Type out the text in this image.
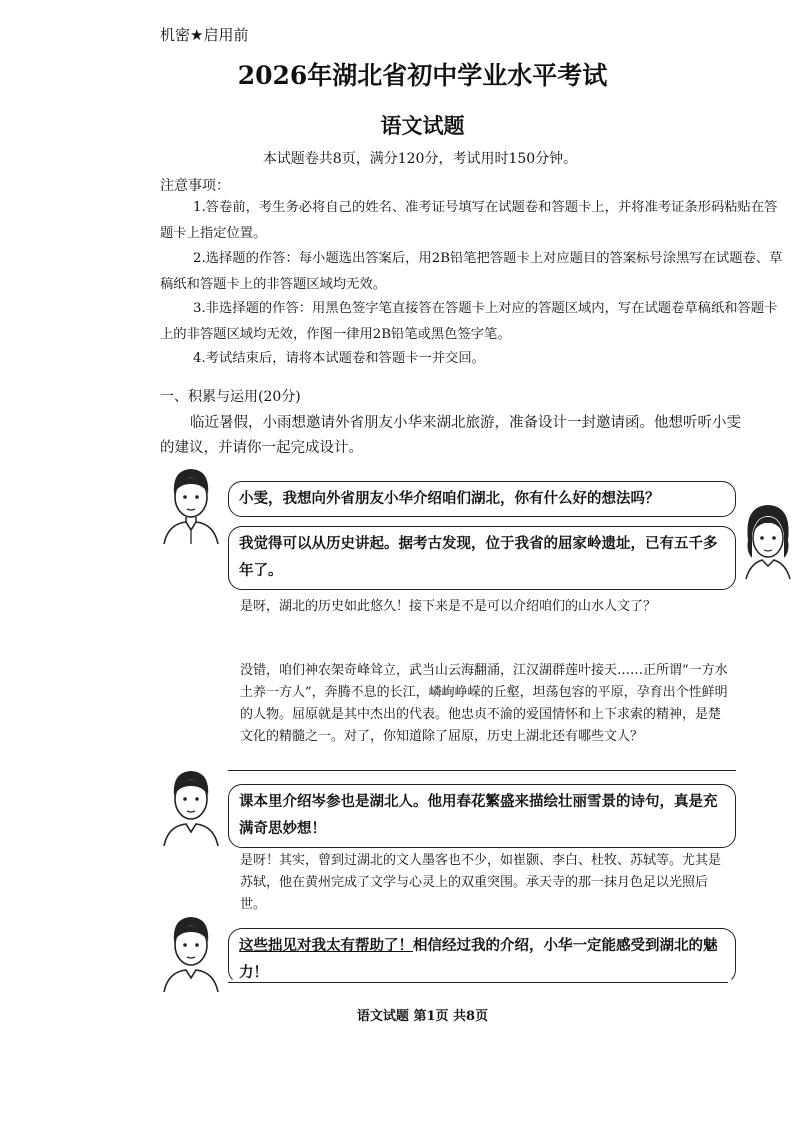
机密★启用前
2026年湖北省初中学业水平考试
语文试题
本试题卷共8页，满分120分，考试用时150分钟。
注意事项：
1.答卷前，考生务必将自己的姓名、准考证号填写在试题卷和答题卡上，并将准考证条形码粘贴在答题卡上指定位置。
2.选择题的作答：每小题选出答案后，用2B铅笔把答题卡上对应题目的答案标号涂黑写在试题卷、草稿纸和答题卡上的非答题区域均无效。
3.非选择题的作答：用黑色签字笔直接答在答题卡上对应的答题区域内，写在试题卷草稿纸和答题卡上的非答题区域均无效，作图一律用2B铅笔或黑色签字笔。
4.考试结束后，请将本试题卷和答题卡一并交回。
一、积累与运用(20分)
临近暑假，小雨想邀请外省朋友小华来湖北旅游，准备设计一封邀请函。他想听听小雯
的建议，并请你一起完成设计。
小雯，我想向外省朋友小华介绍咱们湖北，你有什么好的想法吗？
我觉得可以从历史讲起。据考古发现，位于我省的屈家岭遗址，已有五千多年了。
是呀，湖北的历史如此悠久！接下来是不是可以介绍咱们的山水人文了？
没错，咱们神农架奇峰耸立，武当山云海翻涌，江汉湖群莲叶接天……正所谓“一方水土养一方人”，奔腾不息的长江，嶙峋峥嵘的丘壑，坦荡包容的平原，孕育出个性鲜明的人物。屈原就是其中杰出的代表。他忠贞不渝的爱国情怀和上下求索的精神，是楚文化的精髓之一。对了，你知道除了屈原，历史上湖北还有哪些文人？
课本里介绍岑参也是湖北人。他用春花繁盛来描绘壮丽雪景的诗句，真是充满奇思妙想！
是呀！其实，曾到过湖北的文人墨客也不少，如崔颢、李白、杜牧、苏轼等。尤其是苏轼，他在黄州完成了文学与心灵上的双重突围。承天寺的那一抹月色足以光照后世。
这些拙见对我太有帮助了！相信经过我的介绍，小华一定能感受到湖北的魅力！
语文试题 第1页 共8页
